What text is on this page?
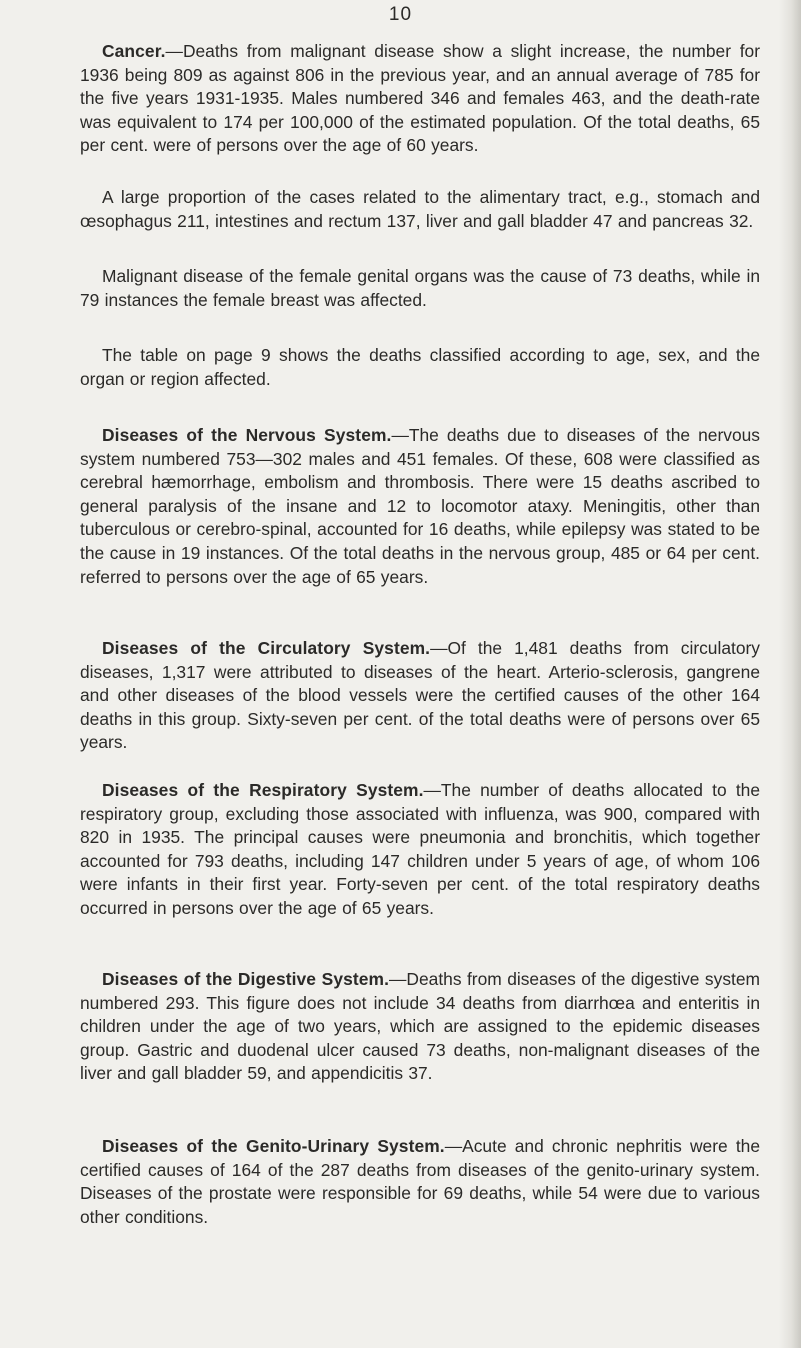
10

Cancer.—Deaths from malignant disease show a slight increase, the number for 1936 being 809 as against 806 in the previous year, and an annual average of 785 for the five years 1931-1935. Males numbered 346 and females 463, and the death-rate was equivalent to 174 per 100,000 of the estimated population. Of the total deaths, 65 per cent. were of persons over the age of 60 years.

A large proportion of the cases related to the alimentary tract, e.g., stomach and œsophagus 211, intestines and rectum 137, liver and gall bladder 47 and pancreas 32.

Malignant disease of the female genital organs was the cause of 73 deaths, while in 79 instances the female breast was affected.

The table on page 9 shows the deaths classified according to age, sex, and the organ or region affected.

Diseases of the Nervous System.—The deaths due to diseases of the nervous system numbered 753—302 males and 451 females. Of these, 608 were classified as cerebral hæmorrhage, embolism and thrombosis. There were 15 deaths ascribed to general paralysis of the insane and 12 to locomotor ataxy. Meningitis, other than tuberculous or cerebro-spinal, accounted for 16 deaths, while epilepsy was stated to be the cause in 19 instances. Of the total deaths in the nervous group, 485 or 64 per cent. referred to persons over the age of 65 years.

Diseases of the Circulatory System.—Of the 1,481 deaths from circulatory diseases, 1,317 were attributed to diseases of the heart. Arterio-sclerosis, gangrene and other diseases of the blood vessels were the certified causes of the other 164 deaths in this group. Sixty-seven per cent. of the total deaths were of persons over 65 years.

Diseases of the Respiratory System.—The number of deaths allocated to the respiratory group, excluding those associated with influenza, was 900, compared with 820 in 1935. The principal causes were pneumonia and bronchitis, which together accounted for 793 deaths, including 147 children under 5 years of age, of whom 106 were infants in their first year. Forty-seven per cent. of the total respiratory deaths occurred in persons over the age of 65 years.

Diseases of the Digestive System.—Deaths from diseases of the digestive system numbered 293. This figure does not include 34 deaths from diarrhœa and enteritis in children under the age of two years, which are assigned to the epidemic diseases group. Gastric and duodenal ulcer caused 73 deaths, non-malignant diseases of the liver and gall bladder 59, and appendicitis 37.

Diseases of the Genito-Urinary System.—Acute and chronic nephritis were the certified causes of 164 of the 287 deaths from diseases of the genito-urinary system. Diseases of the prostate were responsible for 69 deaths, while 54 were due to various other conditions.
